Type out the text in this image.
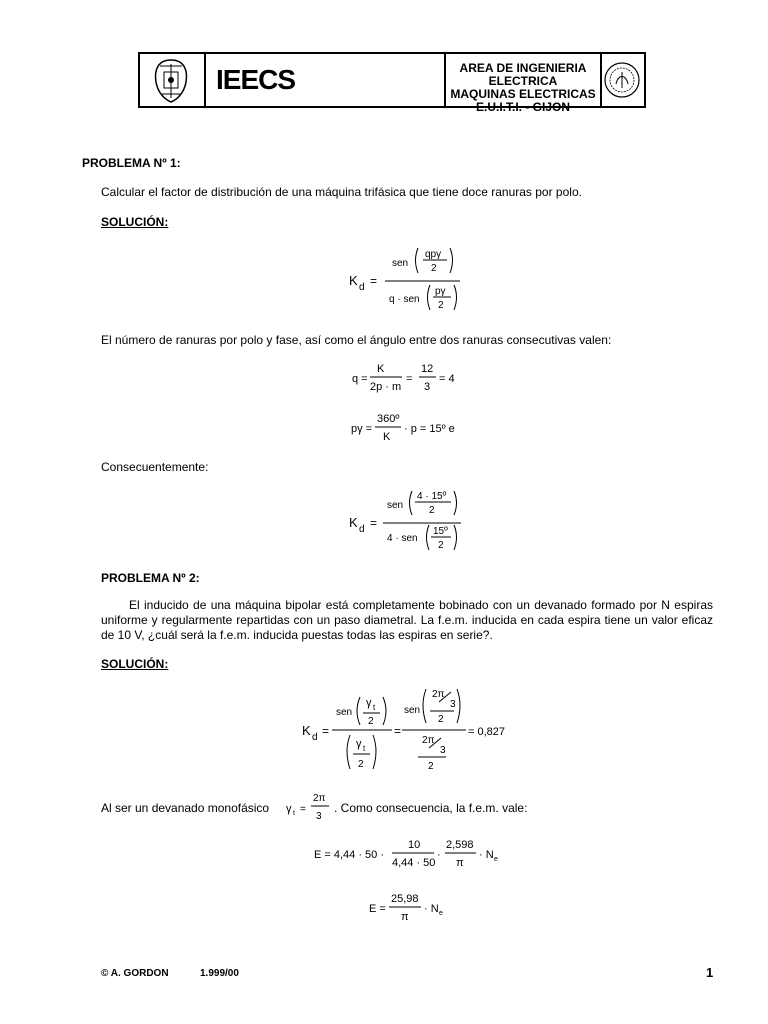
IEECS	AREA DE INGENIERIA ELECTRICA
MAQUINAS ELECTRICAS
E.U.I.T.I. - GIJON
PROBLEMA Nº 1:
Calcular el factor de distribución de una máquina trifásica que tiene doce ranuras por polo.
SOLUCIÓN:
K d =
sen
qpγ
2
q · sen
pγ
2
El número de ranuras por polo y fase, así como el ángulo entre dos ranuras consecutivas valen:
q =
K
2p · m
=
12
3
= 4
pγ =
360º
K
· p = 15º e
Consecuentemente:
K d =
sen
4 · 15º
2
4 · sen
15º
2
PROBLEMA Nº 2:
El inducido de una máquina bipolar está completamente bobinado con un devanado formado por N espiras uniforme y regularmente repartidas con un paso diametral. La f.e.m. inducida en cada espira tiene un valor eficaz de 10 V, ¿cuál será la f.e.m. inducida puestas todas las espiras en serie?.
SOLUCIÓN:
K d =
sen
γ t
2
γ t
2
=
sen
2π
3
2
2π
3
2
= 0,827
Al ser un devanado monofásico γ t =
2π
3
. Como consecuencia, la f.e.m. vale:
E = 4,44 · 50 ·
10
4,44 · 50
·
2,598
π
· N e
E =
25,98
π
· N e
© A. GORDON	1.999/00	1
